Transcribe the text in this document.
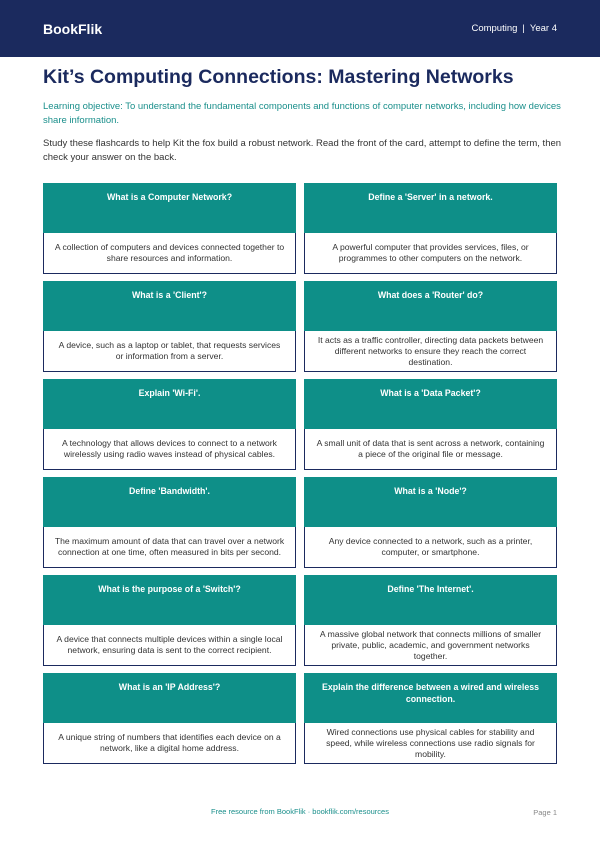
BookFlik	Computing | Year 4
Kit’s Computing Connections: Mastering Networks

Learning objective: To understand the fundamental components and functions of computer networks, including how devices share information.

Study these flashcards to help Kit the fox build a robust network. Read the front of the card, attempt to define the term, then check your answer on the back.

What is a Computer Network?
A collection of computers and devices connected together to share resources and information.
Define a 'Server' in a network.
A powerful computer that provides services, files, or programmes to other computers on the network.
What is a 'Client'?
A device, such as a laptop or tablet, that requests services or information from a server.
What does a 'Router' do?
It acts as a traffic controller, directing data packets between different networks to ensure they reach the correct destination.
Explain 'Wi-Fi'.
A technology that allows devices to connect to a network wirelessly using radio waves instead of physical cables.
What is a 'Data Packet'?
A small unit of data that is sent across a network, containing a piece of the original file or message.
Define 'Bandwidth'.
The maximum amount of data that can travel over a network connection at one time, often measured in bits per second.
What is a 'Node'?
Any device connected to a network, such as a printer, computer, or smartphone.
What is the purpose of a 'Switch'?
A device that connects multiple devices within a single local network, ensuring data is sent to the correct recipient.
Define 'The Internet'.
A massive global network that connects millions of smaller private, public, academic, and government networks together.
What is an 'IP Address'?
A unique string of numbers that identifies each device on a network, like a digital home address.
Explain the difference between a wired and wireless connection.
Wired connections use physical cables for stability and speed, while wireless connections use radio signals for mobility.
Free resource from BookFlik · bookflik.com/resources	Page 1
